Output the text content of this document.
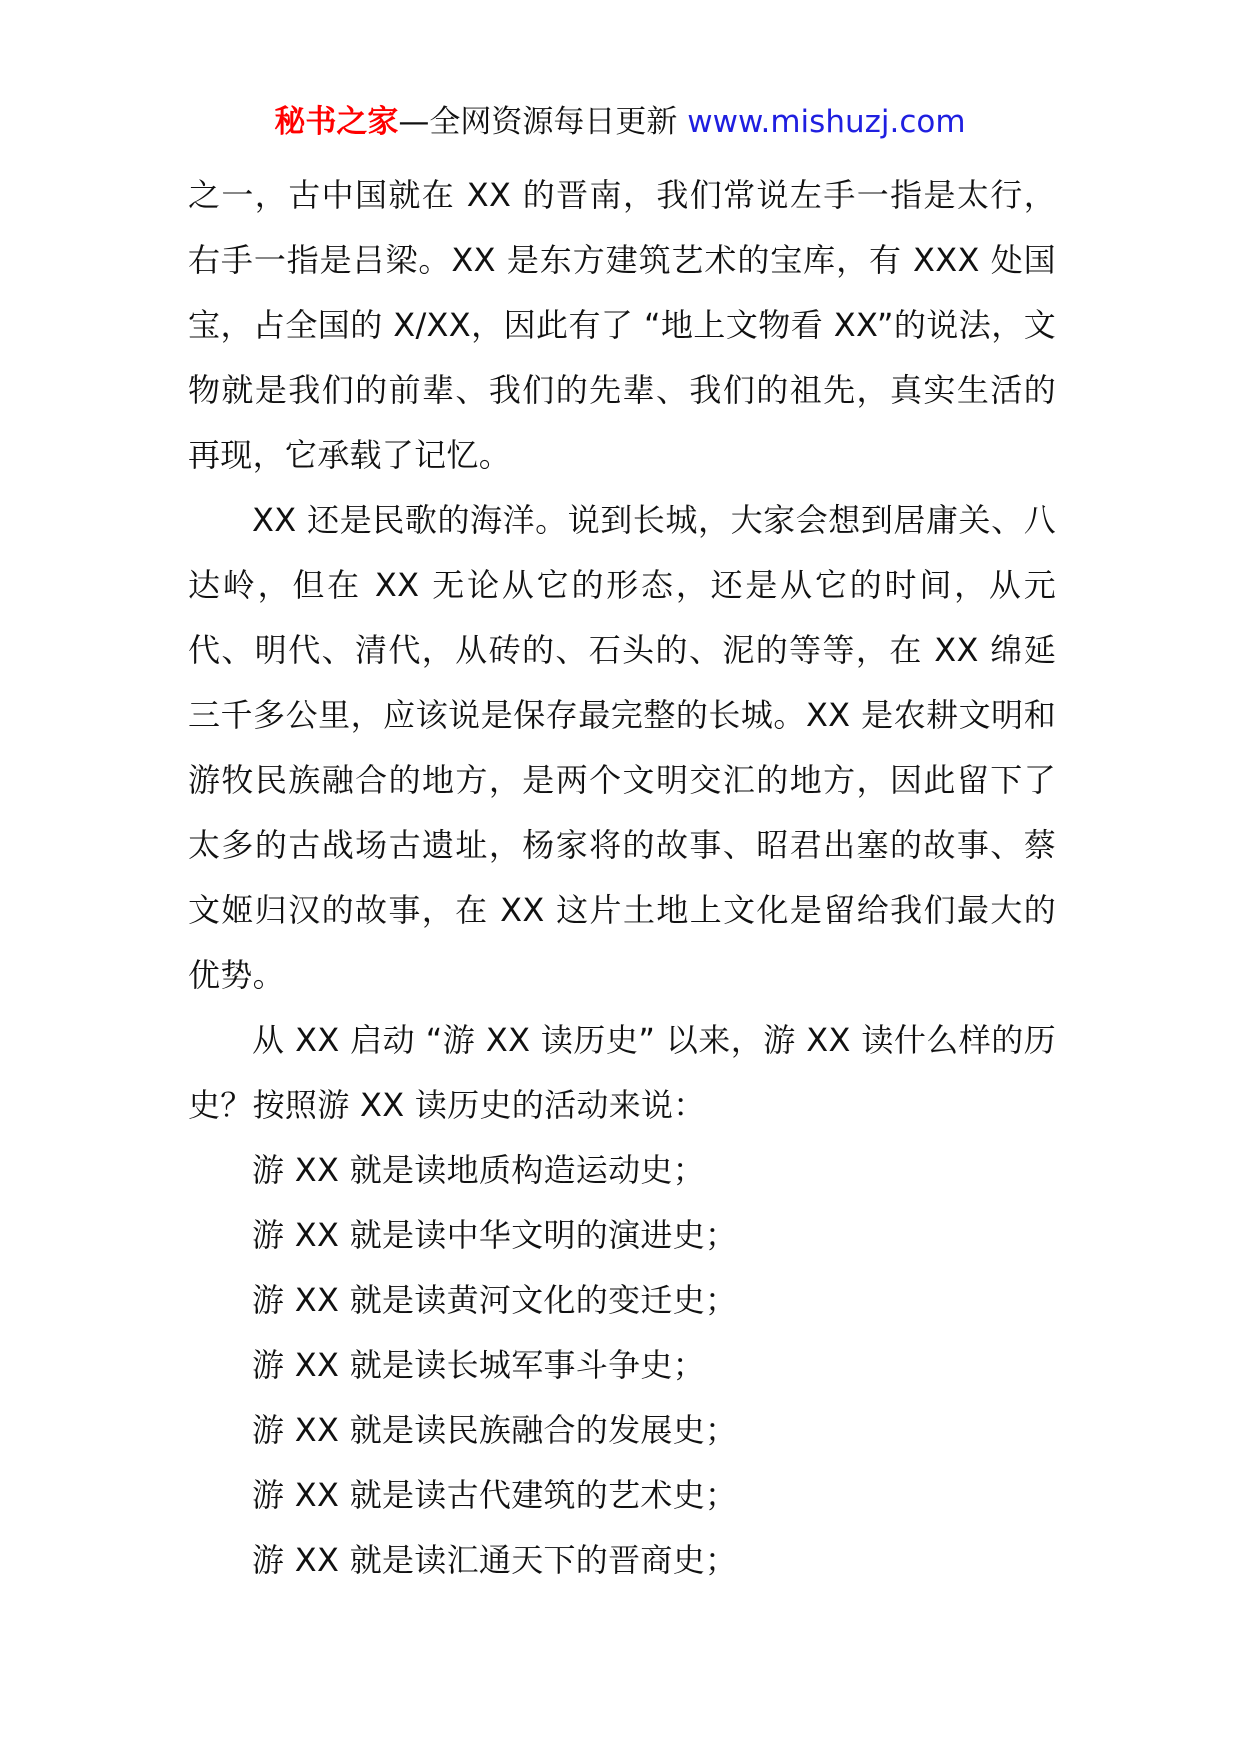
秘书之家—全网资源每日更新 www.mishuzj.com

之一，古中国就在 XX 的晋南，我们常说左手一指是太行，右手一指是吕梁。XX 是东方建筑艺术的宝库，有 XXX 处国宝，占全国的 X/XX，因此有了 “地上文物看 XX”的说法，文物就是我们的前辈、我们的先辈、我们的祖先，真实生活的再现，它承载了记忆。

XX 还是民歌的海洋。说到长城，大家会想到居庸关、八达岭，但在 XX 无论从它的形态，还是从它的时间，从元代、明代、清代，从砖的、石头的、泥的等等，在 XX 绵延三千多公里，应该说是保存最完整的长城。XX 是农耕文明和游牧民族融合的地方，是两个文明交汇的地方，因此留下了太多的古战场古遗址，杨家将的故事、昭君出塞的故事、蔡文姬归汉的故事，在 XX 这片土地上文化是留给我们最大的优势。

从 XX 启动 “游 XX 读历史” 以来，游 XX 读什么样的历史？按照游 XX 读历史的活动来说：

游 XX 就是读地质构造运动史；

游 XX 就是读中华文明的演进史；

游 XX 就是读黄河文化的变迁史；

游 XX 就是读长城军事斗争史；

游 XX 就是读民族融合的发展史；

游 XX 就是读古代建筑的艺术史；

游 XX 就是读汇通天下的晋商史；
